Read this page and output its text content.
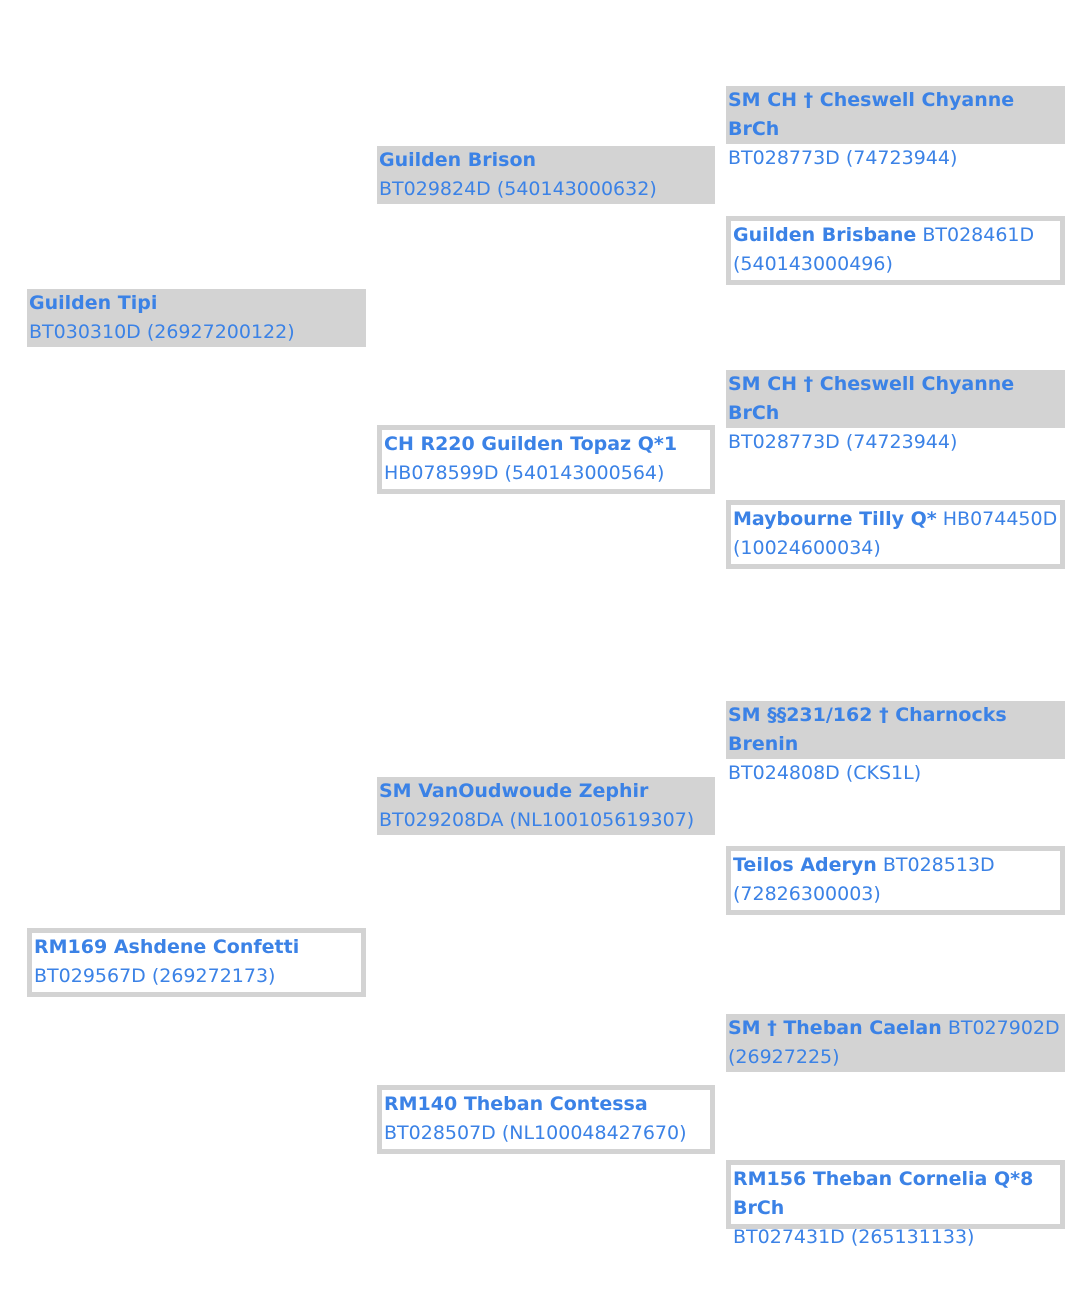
Guilden Tipi
BT030310D (26927200122)
RM169 Ashdene Confetti
BT029567D (269272173)
Guilden Brison
BT029824D (540143000632)
CH R220 Guilden Topaz Q*1
HB078599D (540143000564)
SM VanOudwoude Zephir
BT029208DA (NL100105619307)
RM140 Theban Contessa
BT028507D (NL100048427670)
SM CH † Cheswell Chyanne BrCh
BT028773D (74723944)
Guilden Brisbane BT028461D (540143000496)
SM CH † Cheswell Chyanne BrCh
BT028773D (74723944)
Maybourne Tilly Q* HB074450D (10024600034)
SM §§231/162 † Charnocks Brenin
BT024808D (CKS1L)
Teilos Aderyn BT028513D (72826300003)
SM † Theban Caelan BT027902D (26927225)
RM156 Theban Cornelia Q*8 BrCh
BT027431D (265131133)
